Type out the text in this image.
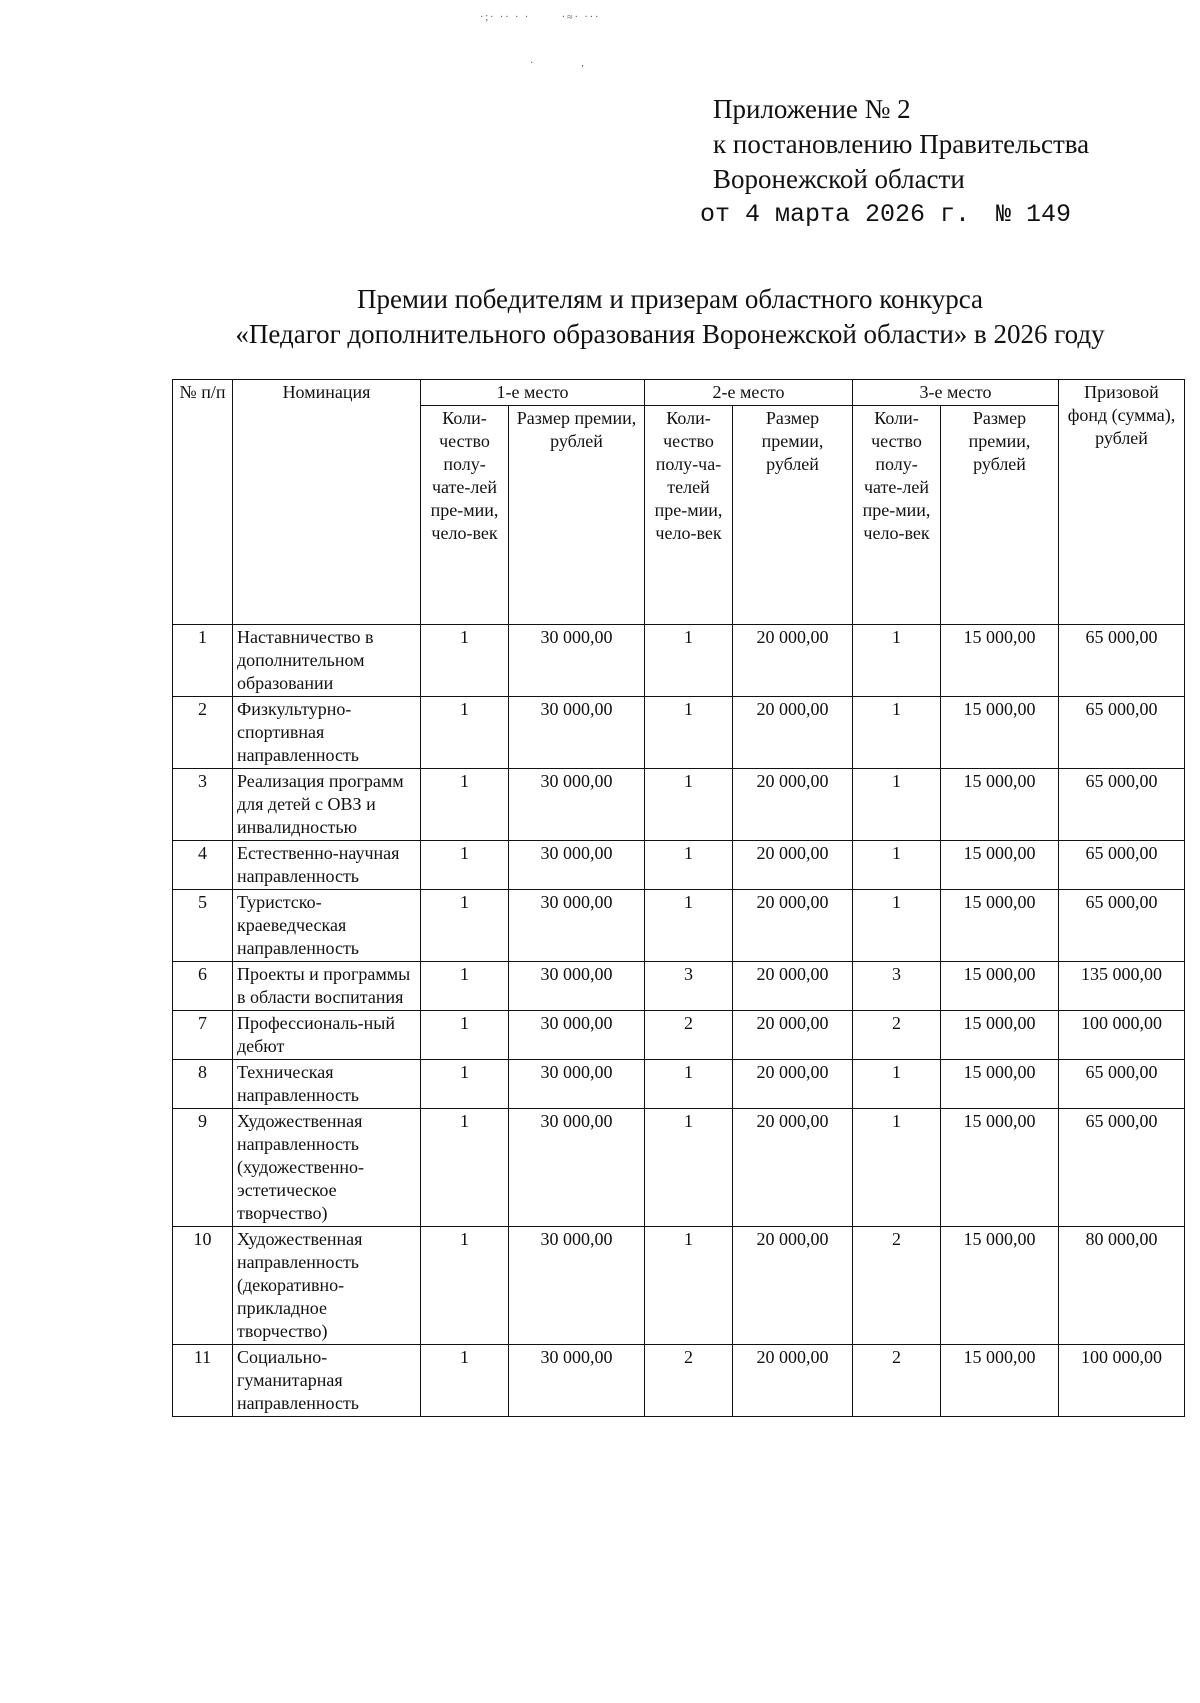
·;· ·· · ·       ·≈· ···
·                   ‚
Приложение № 2
к постановлению Правительства
Воронежской области
от 4 марта 2026 г. № 149
Премии победителям и призерам областного конкурса
«Педагог дополнительного образования Воронежской области» в 2026 году
№ п/п	Номинация	1-е место		2-е место		3-е место		Призовой фонд (сумма), рублей
		Коли-чество полу-чате-лей пре-мии, чело-век	Размер премии, рублей	Коли-чество полу-ча-телей пре-мии, чело-век	Размер премии, рублей	Коли-чество полу-чате-лей пре-мии, чело-век	Размер премии, рублей	
1	Наставничество в дополнительном образовании	1	30 000,00	1	20 000,00	1	15 000,00	65 000,00
2	Физкультурно-спортивная направленность	1	30 000,00	1	20 000,00	1	15 000,00	65 000,00
3	Реализация программ для детей с ОВЗ и инвалидностью	1	30 000,00	1	20 000,00	1	15 000,00	65 000,00
4	Естественно-научная направленность	1	30 000,00	1	20 000,00	1	15 000,00	65 000,00
5	Туристско-краеведческая направленность	1	30 000,00	1	20 000,00	1	15 000,00	65 000,00
6	Проекты и программы в области воспитания	1	30 000,00	3	20 000,00	3	15 000,00	135 000,00
7	Профессиональ-ный дебют	1	30 000,00	2	20 000,00	2	15 000,00	100 000,00
8	Техническая направленность	1	30 000,00	1	20 000,00	1	15 000,00	65 000,00
9	Художественная направленность (художественно-эстетическое творчество)	1	30 000,00	1	20 000,00	1	15 000,00	65 000,00
10	Художественная направленность (декоративно-прикладное творчество)	1	30 000,00	1	20 000,00	2	15 000,00	80 000,00
11	Социально-гуманитарная направленность	1	30 000,00	2	20 000,00	2	15 000,00	100 000,00
